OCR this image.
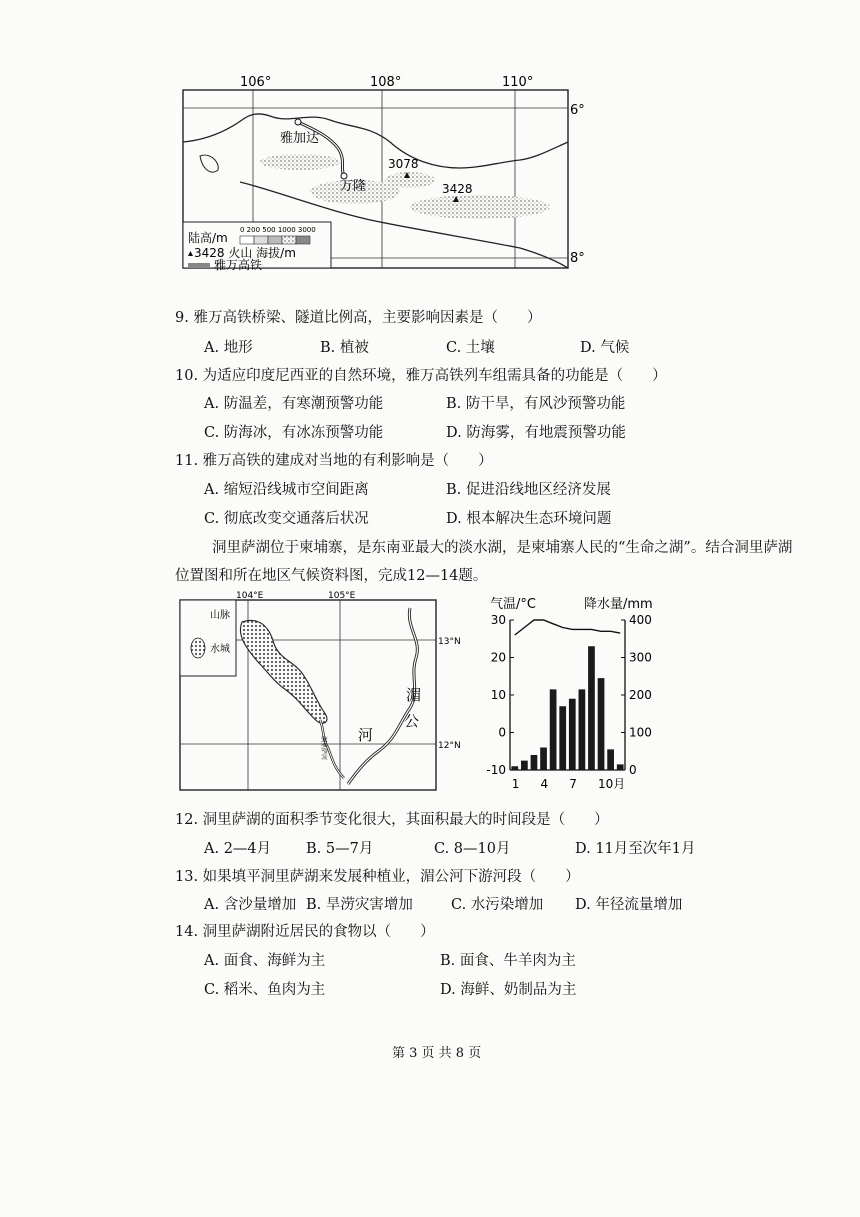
106°	108°	110°
6°
8°
雅加达
万隆
3078
3428
陆高/m
0 200 500 1000 3000
3428 火山 海拔/m
雅万高铁
9. 雅万高铁桥梁、隧道比例高，主要影响因素是（　　）
A. 地形	B. 植被	C. 土壤	D. 气候
10. 为适应印度尼西亚的自然环境，雅万高铁列车组需具备的功能是（　　）
A. 防温差，有寒潮预警功能	B. 防干旱，有风沙预警功能
C. 防海冰，有冰冻预警功能	D. 防海雾，有地震预警功能
11. 雅万高铁的建成对当地的有利影响是（　　）
A. 缩短沿线城市空间距离	B. 促进沿线地区经济发展
C. 彻底改变交通落后状况	D. 根本解决生态环境问题
洞里萨湖位于柬埔寨，是东南亚最大的淡水湖，是柬埔寨人民的“生命之湖”。结合洞里萨湖
位置图和所在地区气候资料图，完成12—14题。
山脉
水城
104°E	105°E
13°N
12°N
湄
公
河
洞里萨河
气温/°C	降水量/mm
30
20
10
0
-10
400
300
200
100
0
1 4 7 10月
12. 洞里萨湖的面积季节变化很大，其面积最大的时间段是（　　）
A. 2—4月 B. 5—7月	C. 8—10月	D. 11月至次年1月
13. 如果填平洞里萨湖来发展种植业，湄公河下游河段（　　）
A. 含沙量增加 B. 旱涝灾害增加	C. 水污染增加 D. 年径流量增加
14. 洞里萨湖附近居民的食物以（　　）
A. 面食、海鲜为主	B. 面食、牛羊肉为主
C. 稻米、鱼肉为主	D. 海鲜、奶制品为主
第 3 页 共 8 页
